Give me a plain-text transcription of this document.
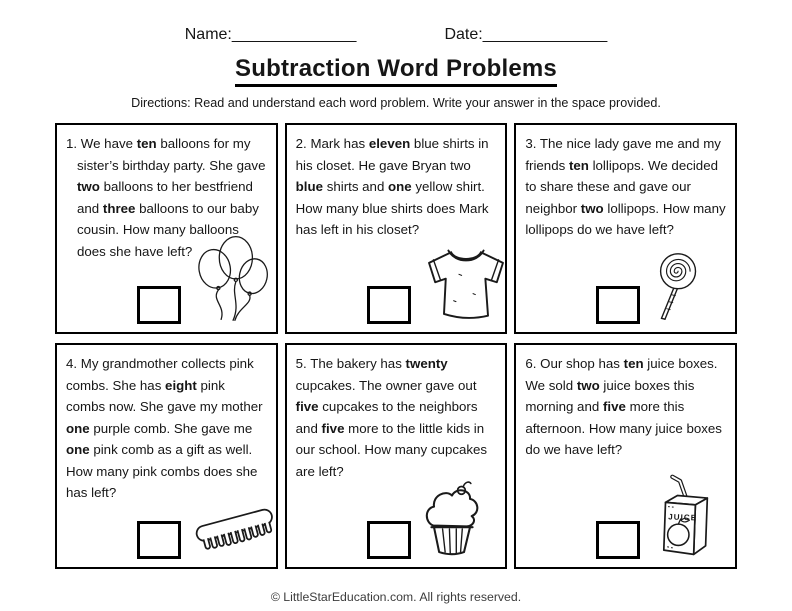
Name: ______________	Date: ______________
Subtraction Word Problems
Directions: Read and understand each word problem. Write your answer in the space provided.

1. We have ten balloons for my sister’s birthday party. She gave two balloons to her bestfriend and three balloons to our baby cousin. How many balloons does she have left?

2. Mark has eleven blue shirts in his closet. He gave Bryan two blue shirts and one yellow shirt. How many blue shirts does Mark has left in his closet?

3. The nice lady gave me and my friends ten lollipops. We decided to share these and gave our neighbor two lollipops. How many lollipops do we have left?

4. My grandmother collects pink combs. She has eight pink combs now. She gave my mother one purple comb. She gave me one pink comb as a gift as well. How many pink combs does she has left?

5. The bakery has twenty cupcakes. The owner gave out five cupcakes to the neighbors and five more to the little kids in our school. How many cupcakes are left?

6. Our shop has ten juice boxes. We sold two juice boxes this morning and five more this afternoon. How many juice boxes do we have left?

JUICE
© LittleStarEducation.com. All rights reserved.
